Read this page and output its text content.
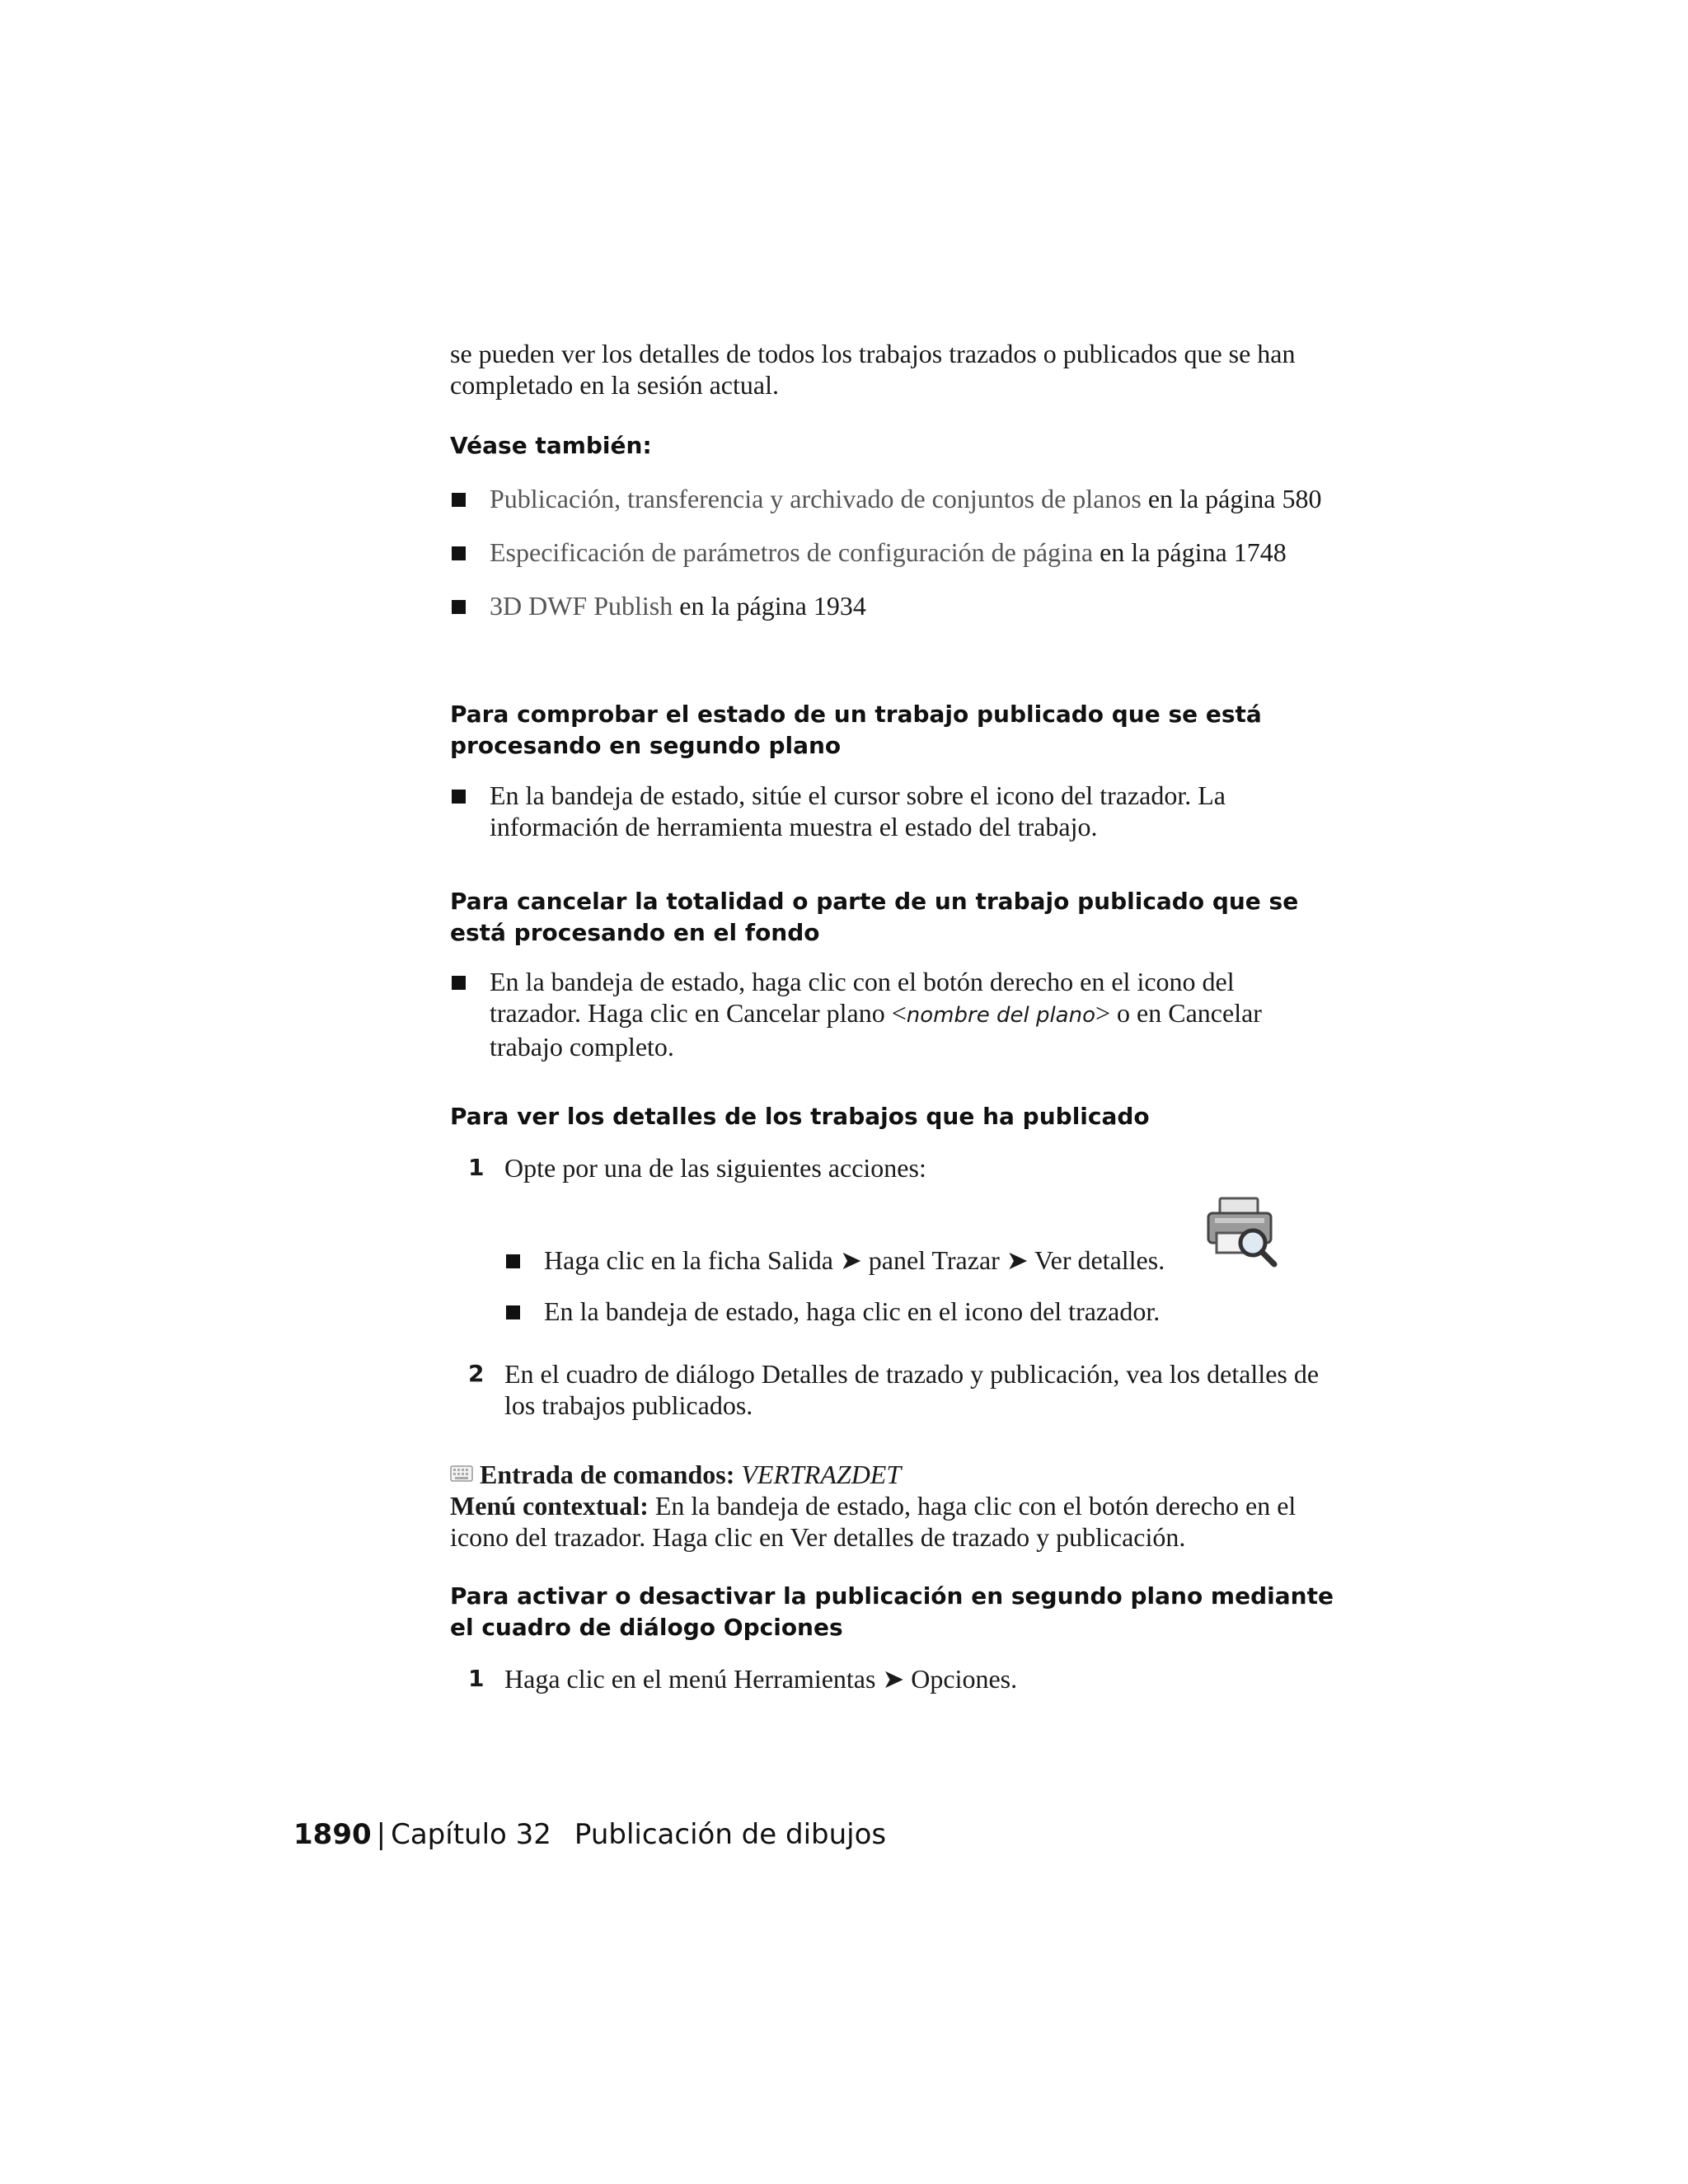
se pueden ver los detalles de todos los trabajos trazados o publicados que se han completado en la sesión actual.
Véase también:
Publicación, transferencia y archivado de conjuntos de planos en la página 580
Especificación de parámetros de configuración de página en la página 1748
3D DWF Publish en la página 1934
Para comprobar el estado de un trabajo publicado que se está procesando en segundo plano
En la bandeja de estado, sitúe el cursor sobre el icono del trazador. La información de herramienta muestra el estado del trabajo.
Para cancelar la totalidad o parte de un trabajo publicado que se está procesando en el fondo
En la bandeja de estado, haga clic con el botón derecho en el icono del trazador. Haga clic en Cancelar plano <nombre del plano> o en Cancelar trabajo completo.
Para ver los detalles de los trabajos que ha publicado
1 Opte por una de las siguientes acciones:
Haga clic en la ficha Salida ➤ panel Trazar ➤ Ver detalles.
En la bandeja de estado, haga clic en el icono del trazador.
2 En el cuadro de diálogo Detalles de trazado y publicación, vea los detalles de los trabajos publicados.
Entrada de comandos: VERTRAZDET
Menú contextual: En la bandeja de estado, haga clic con el botón derecho en el icono del trazador. Haga clic en Ver detalles de trazado y publicación.
Para activar o desactivar la publicación en segundo plano mediante el cuadro de diálogo Opciones
1 Haga clic en el menú Herramientas ➤ Opciones.
1890 | Capítulo 32 Publicación de dibujos
